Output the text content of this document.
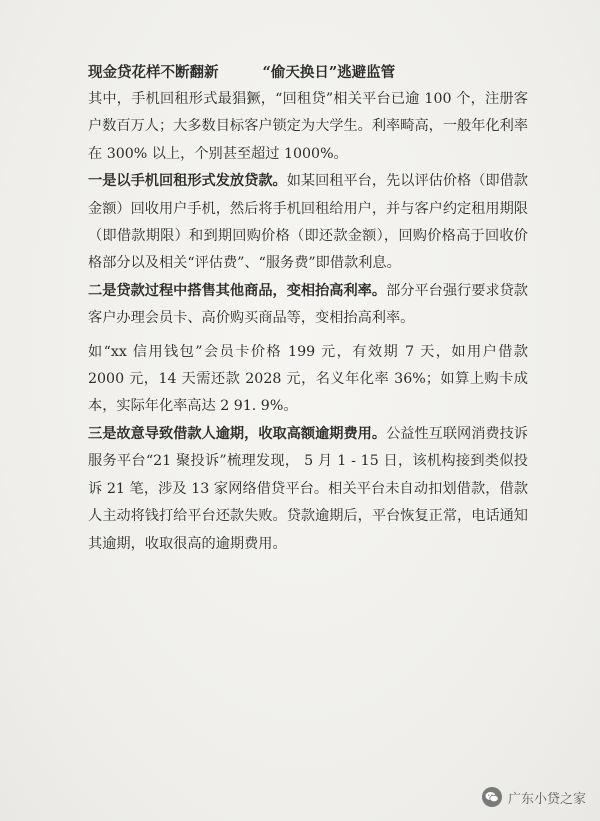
现金贷花样不断翻新	“偷天换日”逃避监管

其中，手机回租形式最猖獗，“回租贷”相关平台已逾 100 个，注册客户数百万人；大多数目标客户锁定为大学生。利率畸高，一般年化利率在 300% 以上，个别甚至超过 1000%。

一是以手机回租形式发放贷款。如某回租平台，先以评估价格（即借款金额）回收用户手机，然后将手机回租给用户，并与客户约定租用期限（即借款期限）和到期回购价格（即还款金额），回购价格高于回收价格部分以及相关“评估费”、“服务费”即借款利息。

二是贷款过程中搭售其他商品，变相抬高利率。部分平台强行要求贷款客户办理会员卡、高价购买商品等，变相抬高利率。

如“xx 信用钱包”会员卡价格 199 元，有效期 7 天，如用户借款 2000 元，14 天需还款 2028 元，名义年化率 36%；如算上购卡成本，实际年化率高达 2 91. 9%。

三是故意导致借款人逾期，收取高额逾期费用。公益性互联网消费技诉服务平台“21 聚投诉”梳理发现， 5 月 1 - 15 日，该机构接到类似投诉 21 笔，涉及 13 家网络借贷平台。相关平台未自动扣划借款，借款人主动将钱打给平台还款失败。贷款逾期后，平台恢复正常，电话通知其逾期，收取很高的逾期费用。

广东小贷之家
